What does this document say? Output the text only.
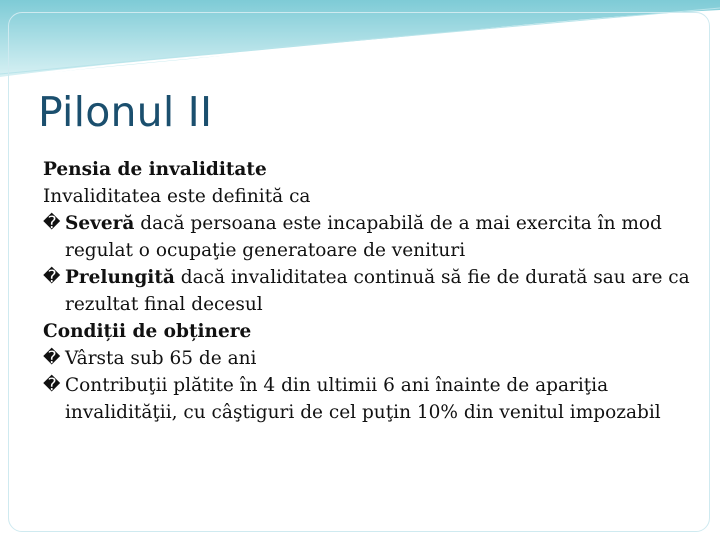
Pilonul II

Pensia de invaliditate

Invaliditatea este definită ca

� Severă dacă persoana este incapabilă de a mai exercita în mod regulat o ocupaţie generatoare de venituri
� Prelungită dacă invaliditatea continuă să fie de durată sau are ca rezultat final decesul

Condiții de obținere

� Vârsta sub 65 de ani
� Contribuţii plătite în 4 din ultimii 6 ani înainte de apariţia invalidităţii, cu câştiguri de cel puţin 10% din venitul impozabil
